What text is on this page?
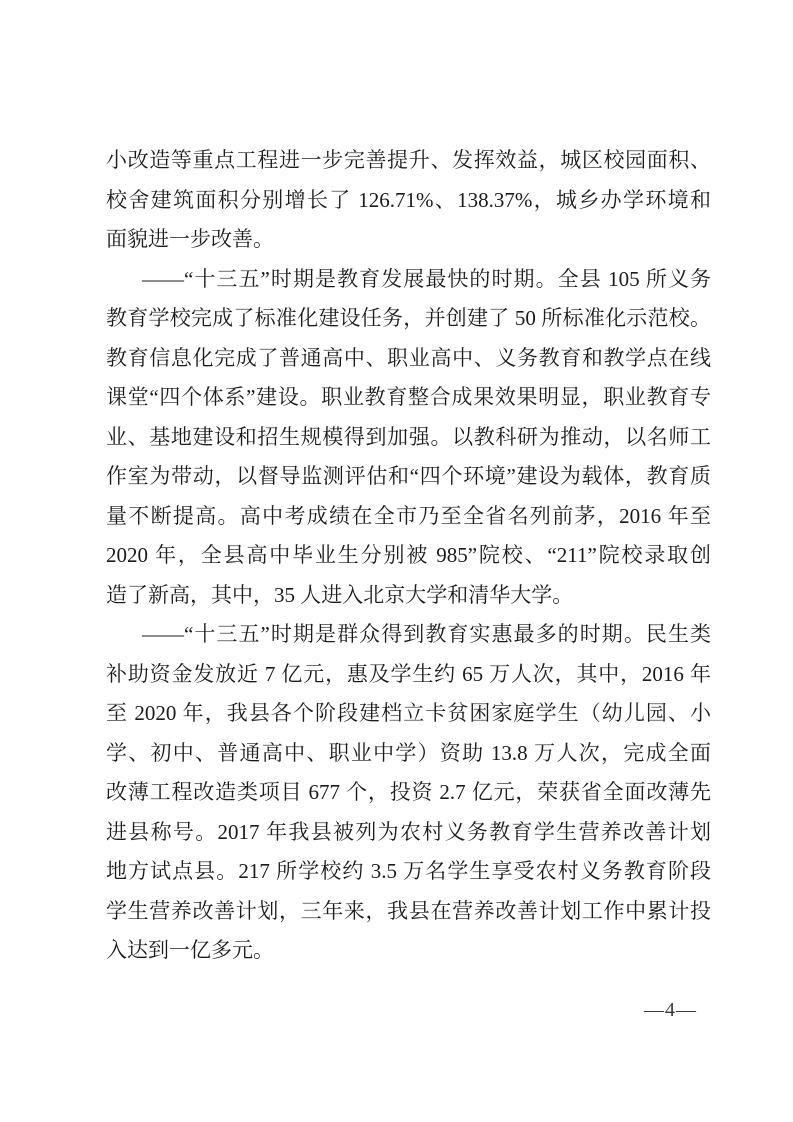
小改造等重点工程进一步完善提升、发挥效益，城区校园面积、
校舍建筑面积分别增长了 126.71%、138.37%，城乡办学环境和
面貌进一步改善。
——“十三五”时期是教育发展最快的时期。全县 105 所义务
教育学校完成了标准化建设任务，并创建了 50 所标准化示范校。
教育信息化完成了普通高中、职业高中、义务教育和教学点在线
课堂“四个体系”建设。职业教育整合成果效果明显，职业教育专
业、基地建设和招生规模得到加强。以教科研为推动，以名师工
作室为带动，以督导监测评估和“四个环境”建设为载体，教育质
量不断提高。高中考成绩在全市乃至全省名列前茅，2016 年至
2020 年，全县高中毕业生分别被 985”院校、“211”院校录取创
造了新高，其中，35 人进入北京大学和清华大学。
——“十三五”时期是群众得到教育实惠最多的时期。民生类
补助资金发放近 7 亿元，惠及学生约 65 万人次，其中，2016 年
至 2020 年，我县各个阶段建档立卡贫困家庭学生（幼儿园、小
学、初中、普通高中、职业中学）资助 13.8 万人次，完成全面
改薄工程改造类项目 677 个，投资 2.7 亿元，荣获省全面改薄先
进县称号。2017 年我县被列为农村义务教育学生营养改善计划
地方试点县。217 所学校约 3.5 万名学生享受农村义务教育阶段
学生营养改善计划，三年来，我县在营养改善计划工作中累计投
入达到一亿多元。
—4—
